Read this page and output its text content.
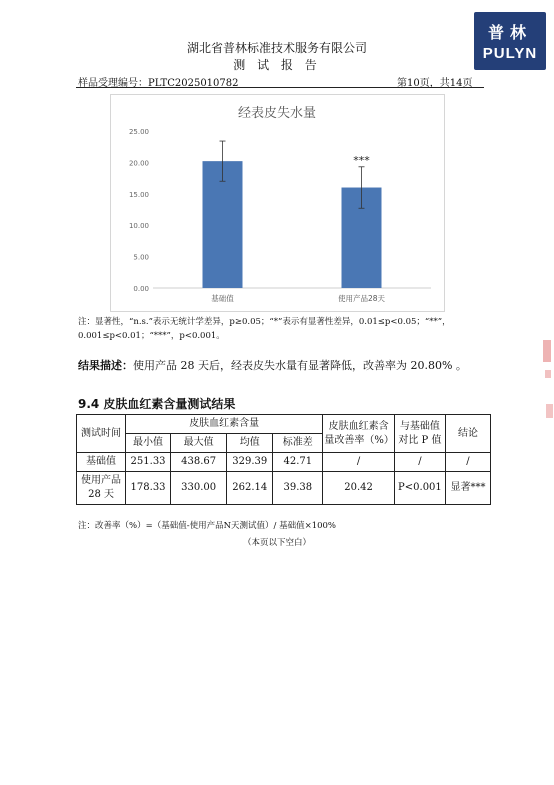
普林
PULYN
湖北省普林标准技术服务有限公司
测 试 报 告
样品受理编号：PLTC2025010782	第10页，共14页
经表皮失水量
0.00
5.00
10.00
15.00
20.00
25.00
基础值
***
使用产品28天
注：显著性，“n.s.”表示无统计学差异，p≥0.05；“*”表示有显著性差异，0.01≤p<0.05；“**”，
0.001≤p<0.01；“***”，p<0.001。
结果描述：使用产品 28 天后，经表皮失水量有显著降低，改善率为 20.80% 。
9.4 皮肤血红素含量测试结果
测试时间	皮肤血红素含量				皮肤血红素含量改善率（%）	与基础值对比 P 值	结论
	最小值	最大值	均值	标准差			
基础值	251.33	438.67	329.39	42.71	/	/	/
使用产品 28 天	178.33	330.00	262.14	39.38	20.42	P<0.001	显著***
注：改善率（%）=（基础值-使用产品N天测试值）/ 基础值×100%
（本页以下空白）
